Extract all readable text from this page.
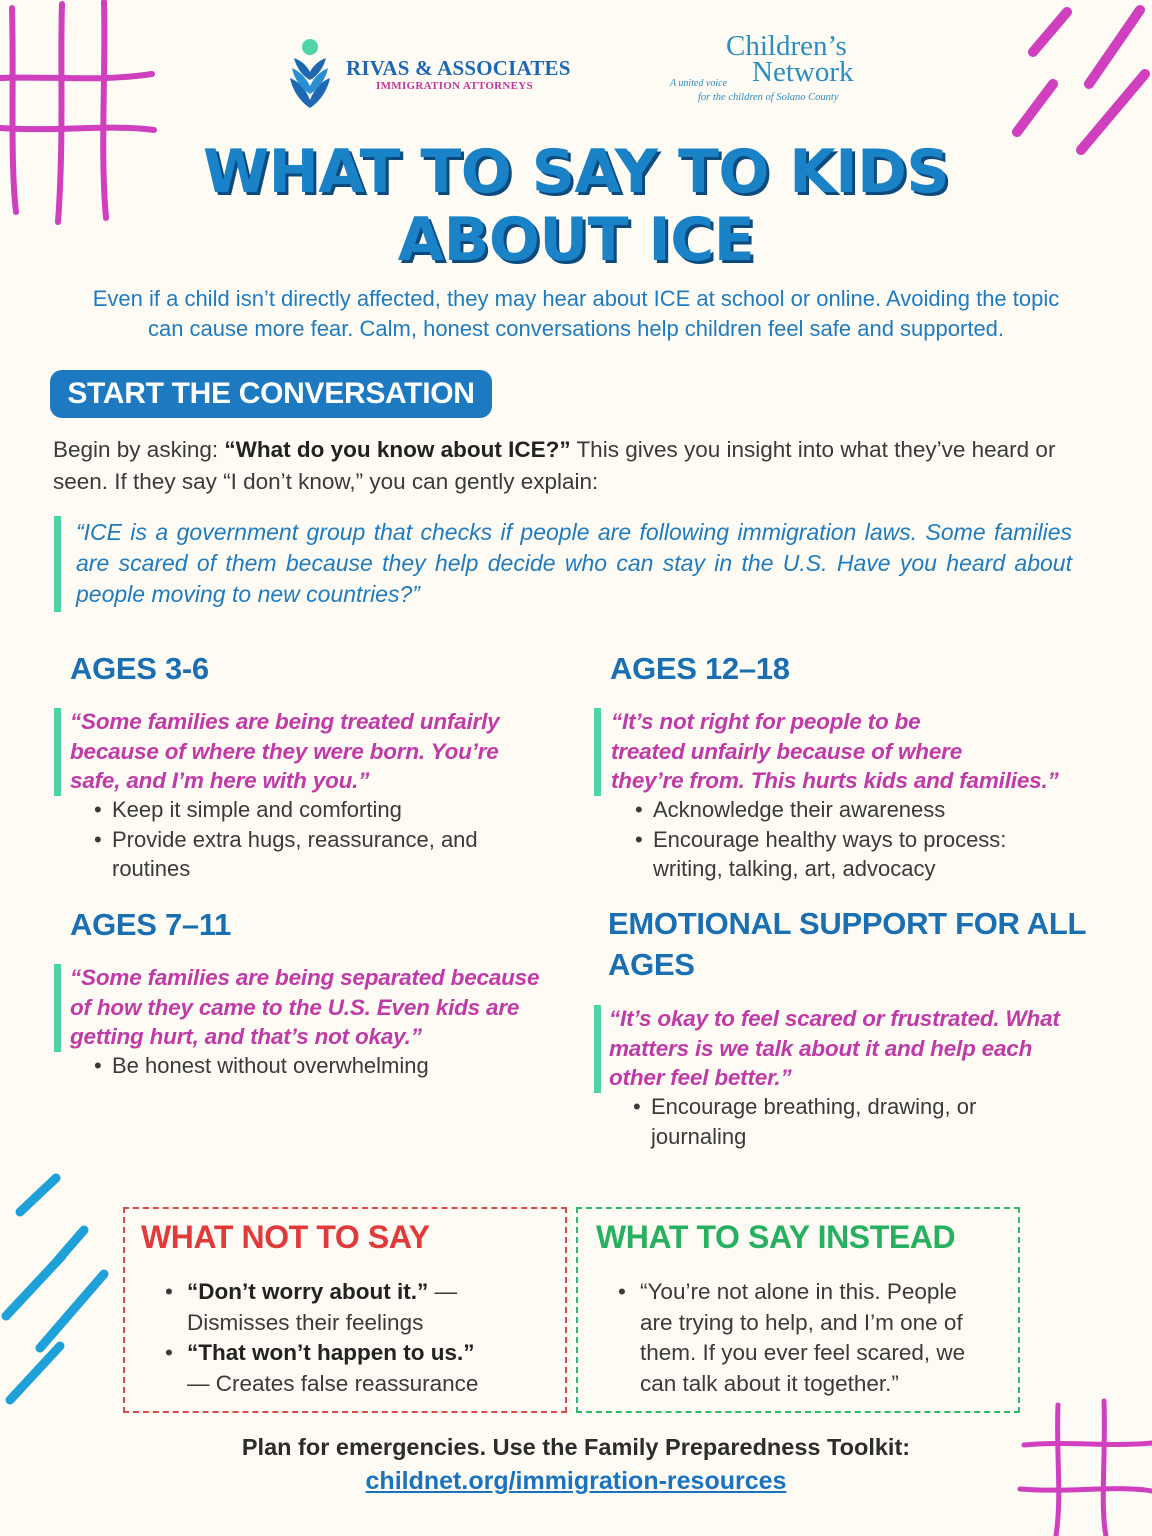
RIVAS & ASSOCIATES
IMMIGRATION ATTORNEYS
Children’s
Network
A united voice
for the children of Solano County
WHAT TO SAY TO KIDS
ABOUT ICE
Even if a child isn’t directly affected, they may hear about ICE at school or online. Avoiding the topic
can cause more fear. Calm, honest conversations help children feel safe and supported.
START THE CONVERSATION
Begin by asking: “What do you know about ICE?” This gives you insight into what they’ve heard or seen. If they say “I don’t know,” you can gently explain:
“ICE is a government group that checks if people are following immigration laws. Some families are scared of them because they help decide who can stay in the U.S. Have you heard about people moving to new countries?”
AGES 3-6
“Some families are being treated unfairly because of where they were born. You’re safe, and I’m here with you.”
• Keep it simple and comforting
• Provide extra hugs, reassurance, and routines
AGES 12–18
“It’s not right for people to be
treated unfairly because of where
they’re from. This hurts kids and families.”
• Acknowledge their awareness
• Encourage healthy ways to process: writing, talking, art, advocacy
AGES 7–11
“Some families are being separated because of how they came to the U.S. Even kids are getting hurt, and that’s not okay.”
• Be honest without overwhelming
EMOTIONAL SUPPORT FOR ALL
AGES
“It’s okay to feel scared or frustrated. What matters is we talk about it and help each other feel better.”
• Encourage breathing, drawing, or journaling
WHAT NOT TO SAY
• “Don’t worry about it.” — Dismisses their feelings
• “That won’t happen to us.” — Creates false reassurance
WHAT TO SAY INSTEAD
• “You’re not alone in this. People are trying to help, and I’m one of them. If you ever feel scared, we can talk about it together.”
Plan for emergencies. Use the Family Preparedness Toolkit:
childnet.org/immigration-resources
